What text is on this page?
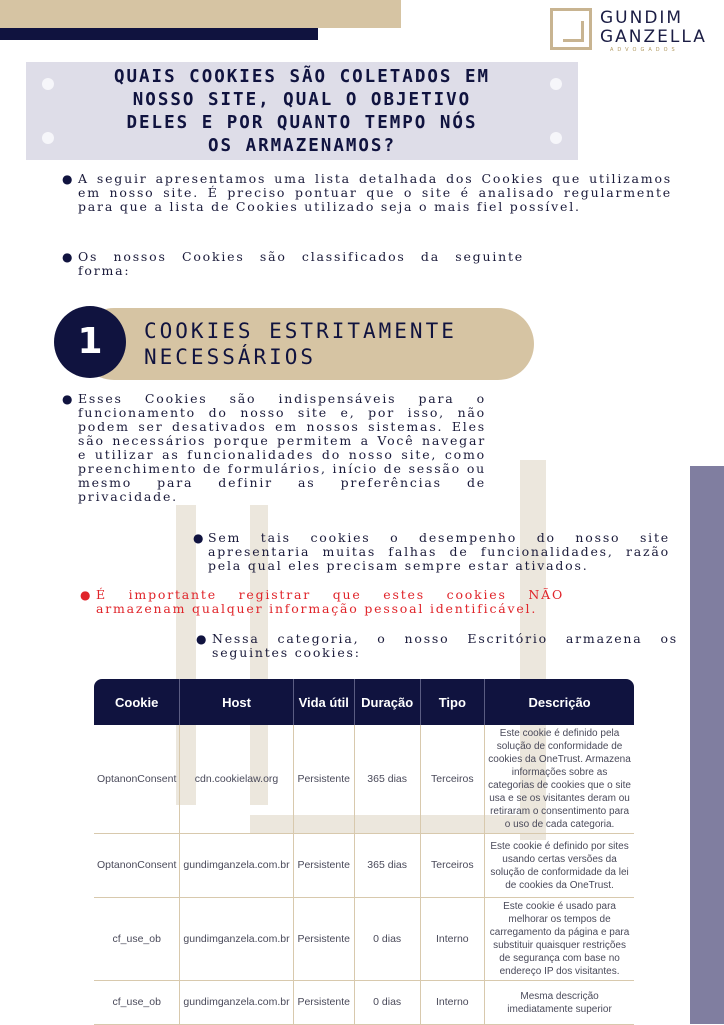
GUNDIM
GANZELLA
ADVOGADOS
QUAIS COOKIES SÃO COLETADOS EM
NOSSO SITE, QUAL O OBJETIVO
DELES E POR QUANTO TEMPO NÓS
OS ARMAZENAMOS?
● A seguir apresentamos uma lista detalhada dos Cookies que utilizamos em nosso site. É preciso pontuar que o site é analisado regularmente para que a lista de Cookies utilizado seja o mais fiel possível.
● Os nossos Cookies são classificados da seguinte forma:
1	COOKIES ESTRITAMENTE
NECESSÁRIOS
● Esses Cookies são indispensáveis para o funcionamento do nosso site e, por isso, não podem ser desativados em nossos sistemas. Eles são necessários porque permitem a Você navegar e utilizar as funcionalidades do nosso site, como preenchimento de formulários, início de sessão ou mesmo para definir as preferências de privacidade.
● Sem tais cookies o desempenho do nosso site apresentaria muitas falhas de funcionalidades, razão pela qual eles precisam sempre estar ativados.
● É importante registrar que estes cookies NÃO armazenam qualquer informação pessoal identificável.
● Nessa categoria, o nosso Escritório armazena os seguintes cookies:
Cookie	Host	Vida útil	Duração	Tipo	Descrição
OptanonConsent	cdn.cookielaw.org	Persistente	365 dias	Terceiros	Este cookie é definido pela solução de conformidade de cookies da OneTrust. Armazena informações sobre as categorias de cookies que o site usa e se os visitantes deram ou retiraram o consentimento para o uso de cada categoria.
OptanonConsent	gundimganzela.com.br	Persistente	365 dias	Terceiros	Este cookie é definido por sites usando certas versões da solução de conformidade da lei de cookies da OneTrust.
cf_use_ob	gundimganzela.com.br	Persistente	0 dias	Interno	Este cookie é usado para melhorar os tempos de carregamento da página e para substituir quaisquer restrições de segurança com base no endereço IP dos visitantes.
cf_use_ob	gundimganzela.com.br	Persistente	0 dias	Interno	Mesma descrição imediatamente superior
